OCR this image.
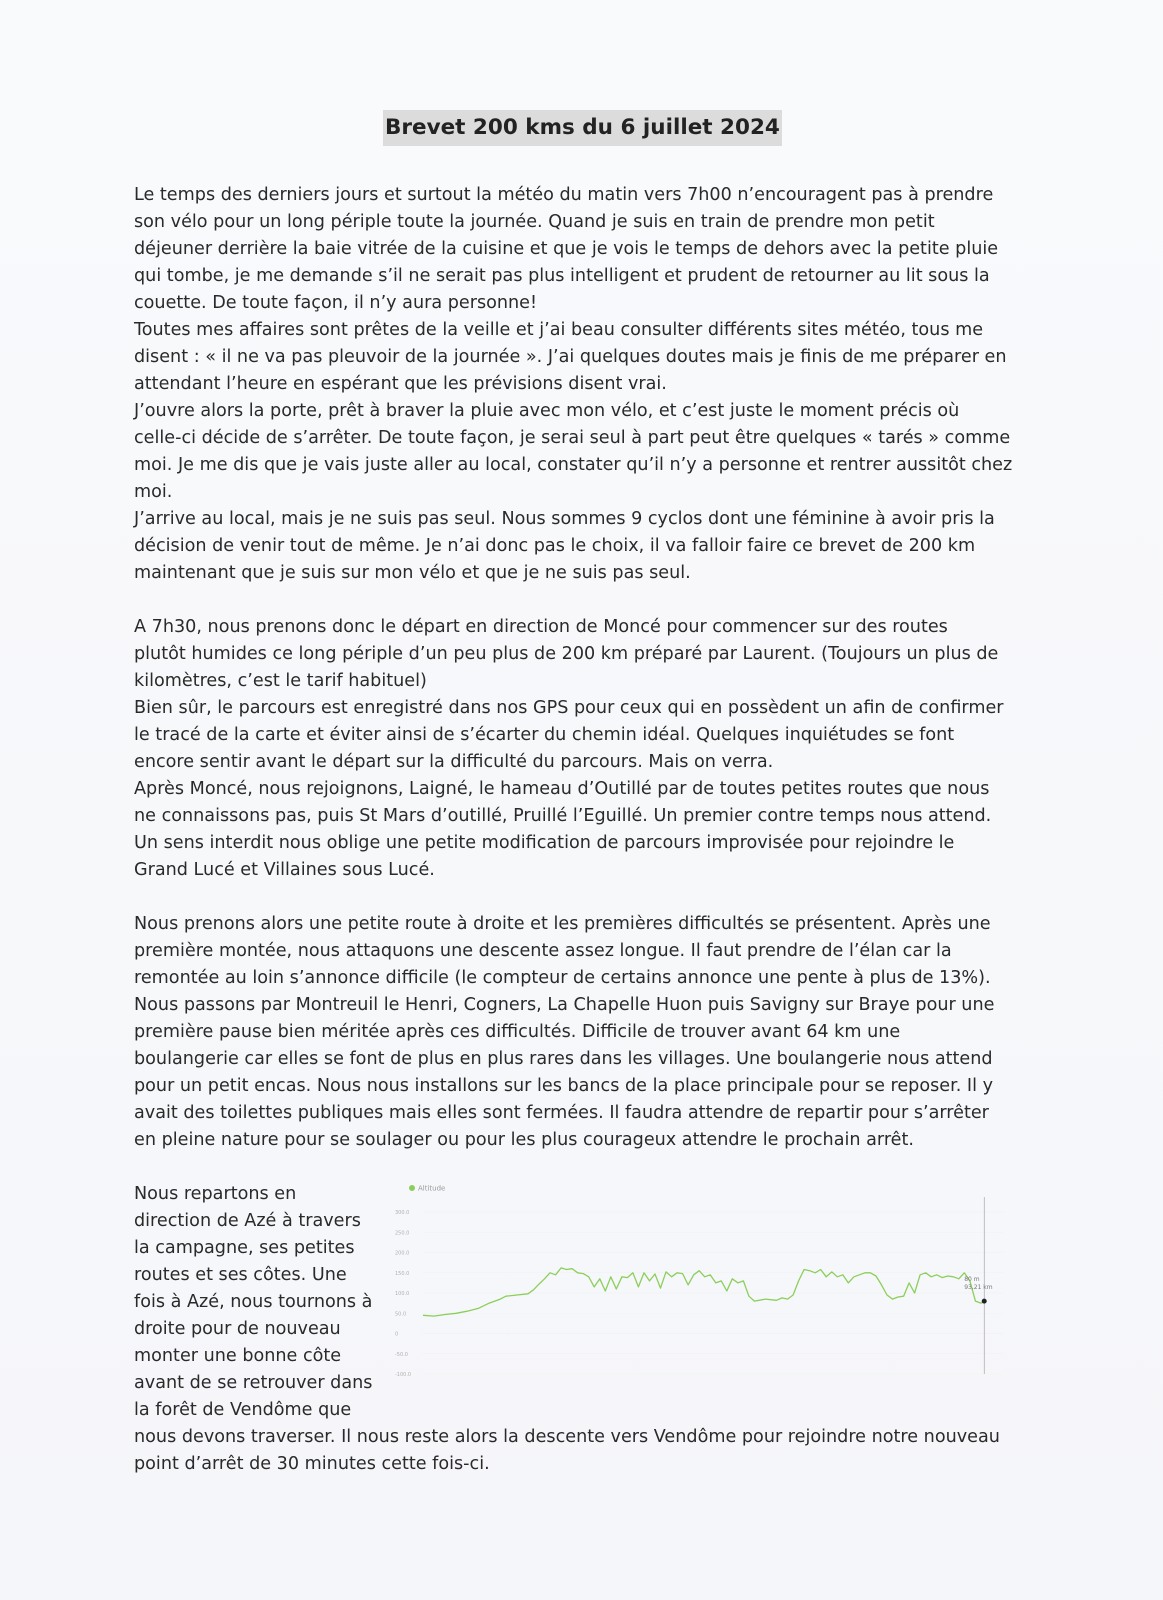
Brevet 200 kms du 6 juillet 2024
Le temps des derniers jours et surtout la météo du matin vers 7h00 n’encouragent pas à prendre
son vélo pour un long périple toute la journée. Quand je suis en train de prendre mon petit
déjeuner derrière la baie vitrée de la cuisine et que je vois le temps de dehors avec la petite pluie
qui tombe, je me demande s’il ne serait pas plus intelligent et prudent de retourner au lit sous la
couette. De toute façon, il n’y aura personne!
Toutes mes affaires sont prêtes de la veille et j’ai beau consulter différents sites météo, tous me
disent : « il ne va pas pleuvoir de la journée ». J’ai quelques doutes mais je finis de me préparer en
attendant l’heure en espérant que les prévisions disent vrai.
J’ouvre alors la porte, prêt à braver la pluie avec mon vélo, et c’est juste le moment précis où
celle-ci décide de s’arrêter. De toute façon, je serai seul à part peut être quelques « tarés » comme
moi. Je me dis que je vais juste aller au local, constater qu’il n’y a personne et rentrer aussitôt chez
moi.
J’arrive au local, mais je ne suis pas seul. Nous sommes 9 cyclos dont une féminine à avoir pris la
décision de venir tout de même. Je n’ai donc pas le choix, il va falloir faire ce brevet de 200 km
maintenant que je suis sur mon vélo et que je ne suis pas seul.
A 7h30, nous prenons donc le départ en direction de Moncé pour commencer sur des routes
plutôt humides ce long périple d’un peu plus de 200 km préparé par Laurent. (Toujours un plus de
kilomètres, c’est le tarif habituel)
Bien sûr, le parcours est enregistré dans nos GPS pour ceux qui en possèdent un afin de confirmer
le tracé de la carte et éviter ainsi de s’écarter du chemin idéal. Quelques inquiétudes se font
encore sentir avant le départ sur la difficulté du parcours. Mais on verra.
Après Moncé, nous rejoignons, Laigné, le hameau d’Outillé par de toutes petites routes que nous
ne connaissons pas, puis St Mars d’outillé, Pruillé l’Eguillé. Un premier contre temps nous attend.
Un sens interdit nous oblige une petite modification de parcours improvisée pour rejoindre le
Grand Lucé et Villaines sous Lucé.
Nous prenons alors une petite route à droite et les premières difficultés se présentent. Après une
première montée, nous attaquons une descente assez longue. Il faut prendre de l’élan car la
remontée au loin s’annonce difficile (le compteur de certains annonce une pente à plus de 13%).
Nous passons par Montreuil le Henri, Cogners, La Chapelle Huon puis Savigny sur Braye pour une
première pause bien méritée après ces difficultés. Difficile de trouver avant 64 km une
boulangerie car elles se font de plus en plus rares dans les villages. Une boulangerie nous attend
pour un petit encas. Nous nous installons sur les bancs de la place principale pour se reposer. Il y
avait des toilettes publiques mais elles sont fermées. Il faudra attendre de repartir pour s’arrêter
en pleine nature pour se soulager ou pour les plus courageux attendre le prochain arrêt.
Nous repartons en
direction de Azé à travers
la campagne, ses petites
routes et ses côtes. Une
fois à Azé, nous tournons à
droite pour de nouveau
monter une bonne côte
avant de se retrouver dans
la forêt de Vendôme que
nous devons traverser. Il nous reste alors la descente vers Vendôme pour rejoindre notre nouveau
point d’arrêt de 30 minutes cette fois-ci.
Altitude
300.0
250.0
200.0
150.0
100.0
50.0
0
-50.0
-100.0
80 m
93,21 km
